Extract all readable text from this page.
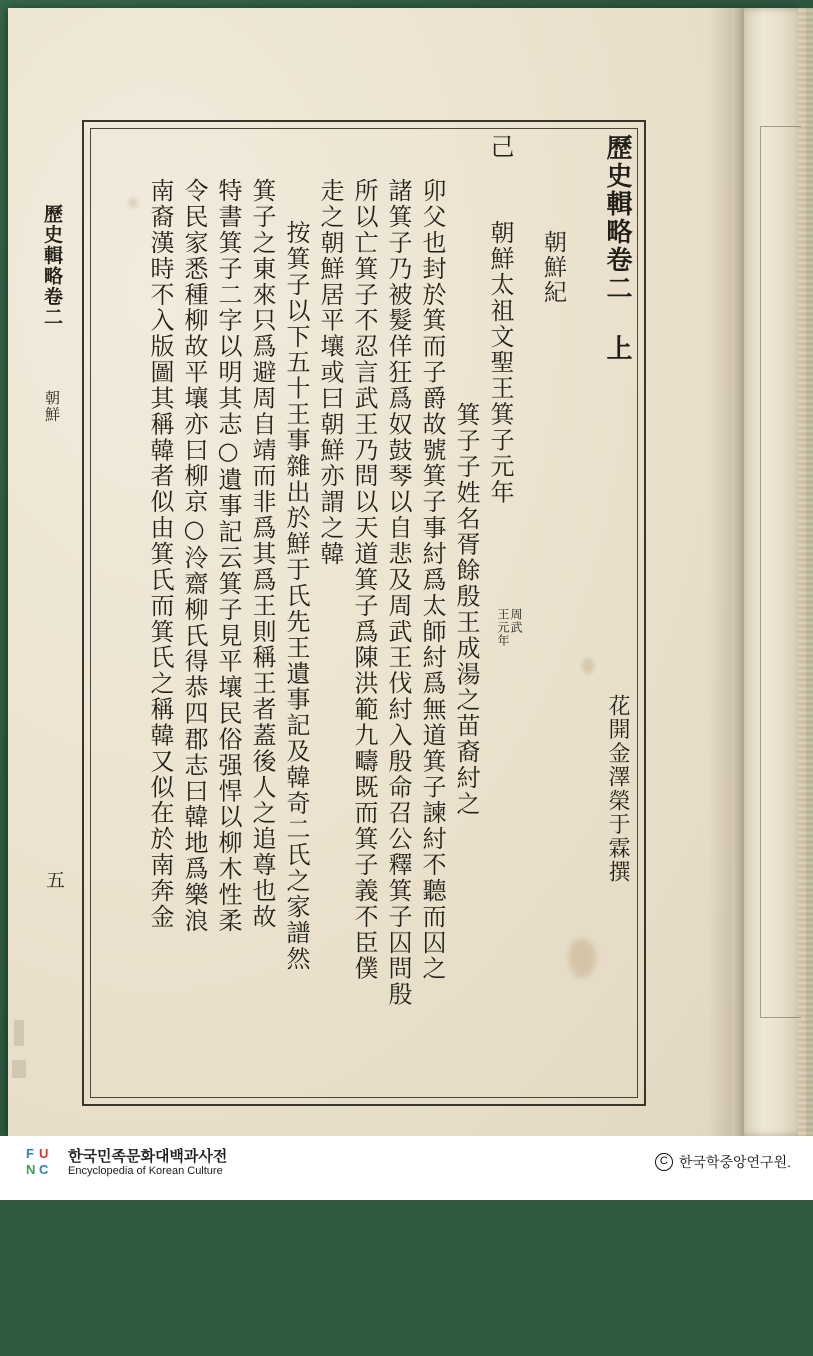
歷史輯略卷二
朝鮮
五
歷史輯略卷二 上
花開金澤榮于霖撰
朝鮮紀
朝鮮太祖文聖王箕子元年
周武
王元年
箕子子姓名胥餘殷王成湯之苗裔紂之
卯父也封於箕而子爵故號箕子事紂爲太師紂爲無道箕子諫紂不聽而囚之
諸箕子乃被髮佯狂爲奴鼓琴以自悲及周武王伐紂入殷命召公釋箕子囚問殷
所以亡箕子不忍言武王乃問以天道箕子爲陳洪範九疇既而箕子義不臣僕
走之朝鮮居平壤或曰朝鮮亦謂之韓
按箕子以下五十王事雜出於鮮于氏先王遺事記及韓奇二氏之家譜然
箕子之東來只爲避周自靖而非爲其爲王則稱王者蓋後人之追尊也故
特書箕子二字以明其志○遺事記云箕子見平壤民俗强悍以柳木性柔
令民家悉種柳故平壤亦曰柳京○泠齋柳氏得恭四郡志曰韓地爲樂浪
南裔漢時不入版圖其稱韓者似由箕氏而箕氏之稱韓又似在於南奔金
己
F U
N C
한국민족문화대백과사전
Encyclopedia of Korean Culture
C 한국학중앙연구원.
